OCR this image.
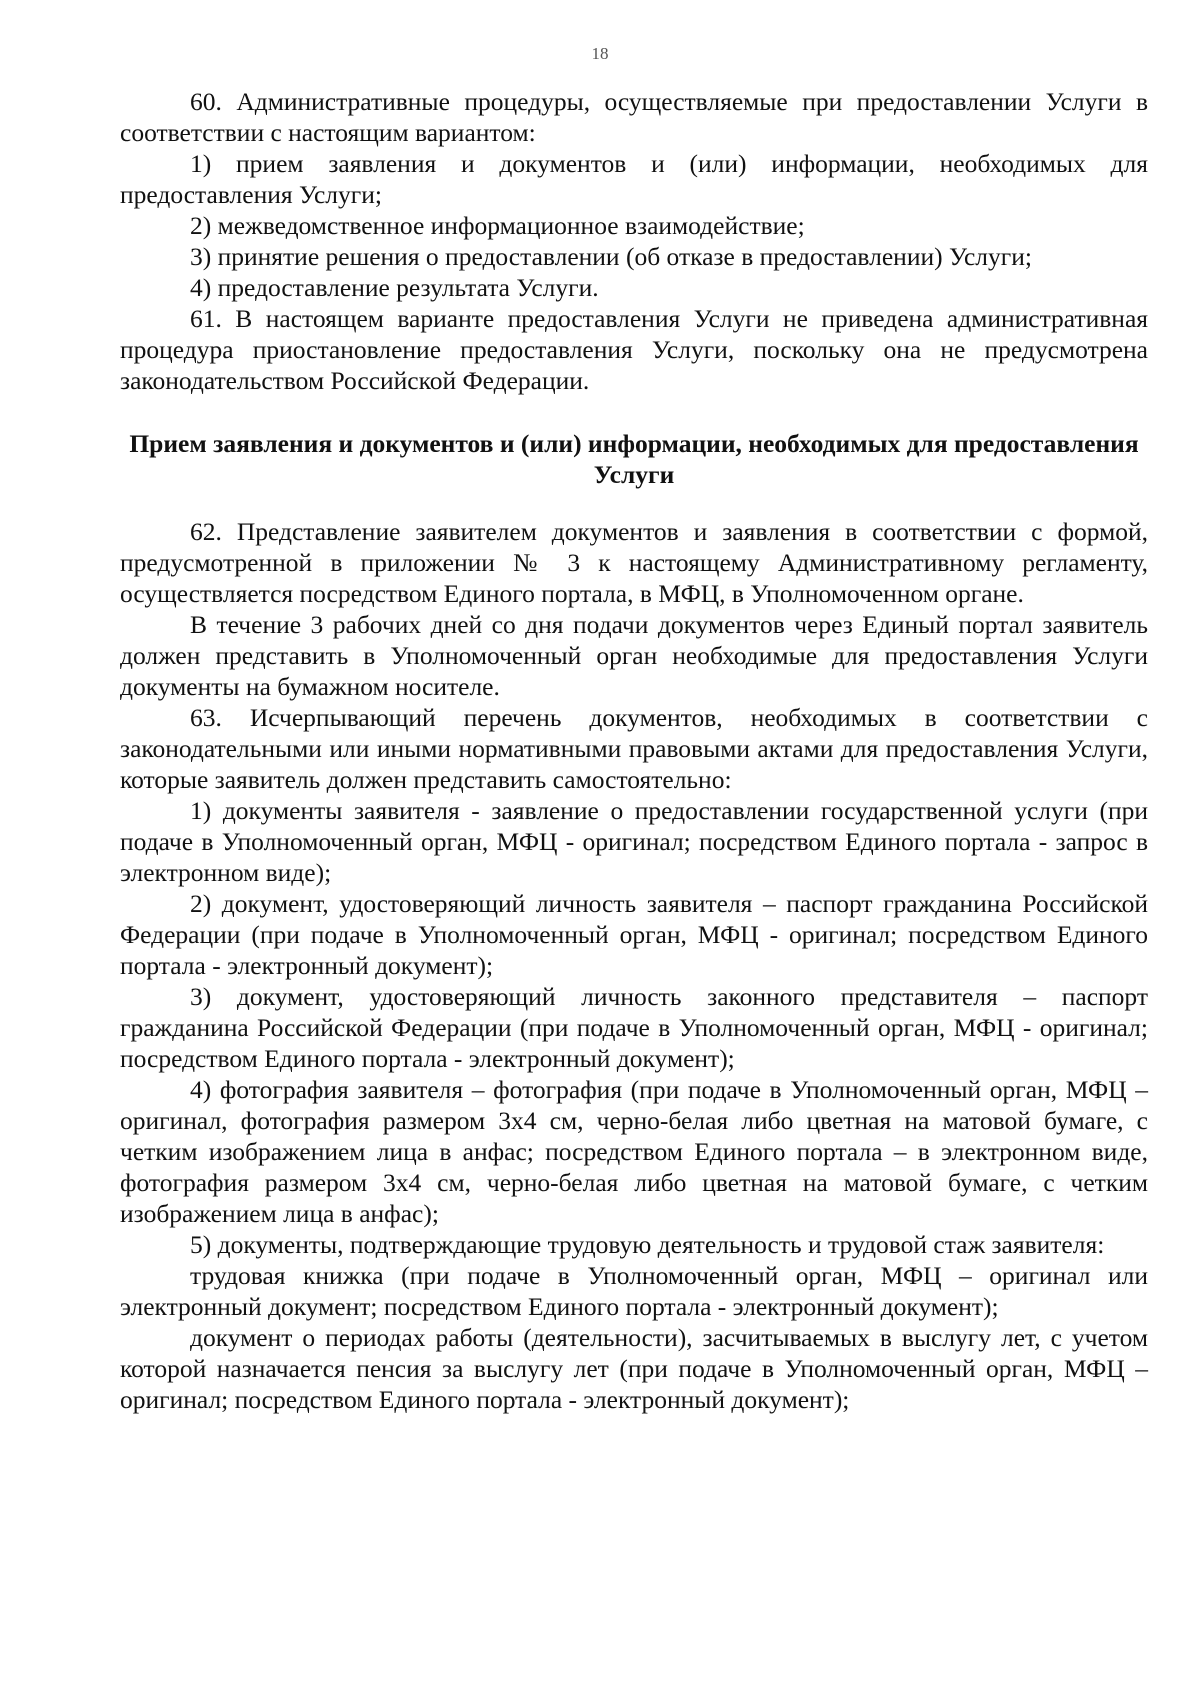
18

60. Административные процедуры, осуществляемые при предоставлении Услуги в соответствии с настоящим вариантом:

1) прием заявления и документов и (или) информации, необходимых для предоставления Услуги;

2) межведомственное информационное взаимодействие;

3) принятие решения о предоставлении (об отказе в предоставлении) Услуги;

4) предоставление результата Услуги.

61. В настоящем варианте предоставления Услуги не приведена административная процедура приостановление предоставления Услуги, поскольку она не предусмотрена законодательством Российской Федерации.

Прием заявления и документов и (или) информации, необходимых для предоставления Услуги

62. Представление заявителем документов и заявления в соответствии с формой, предусмотренной в приложении № 3 к настоящему Административному регламенту, осуществляется посредством Единого портала, в МФЦ, в Уполномоченном органе.

В течение 3 рабочих дней со дня подачи документов через Единый портал заявитель должен представить в Уполномоченный орган необходимые для предоставления Услуги документы на бумажном носителе.

63. Исчерпывающий перечень документов, необходимых в соответствии с законодательными или иными нормативными правовыми актами для предоставления Услуги, которые заявитель должен представить самостоятельно:

1) документы заявителя - заявление о предоставлении государственной услуги (при подаче в Уполномоченный орган, МФЦ - оригинал; посредством Единого портала - запрос в электронном виде);

2) документ, удостоверяющий личность заявителя – паспорт гражданина Российской Федерации (при подаче в Уполномоченный орган, МФЦ - оригинал; посредством Единого портала - электронный документ);

3) документ, удостоверяющий личность законного представителя – паспорт гражданина Российской Федерации (при подаче в Уполномоченный орган, МФЦ - оригинал; посредством Единого портала - электронный документ);

4) фотография заявителя – фотография (при подаче в Уполномоченный орган, МФЦ – оригинал, фотография размером 3х4 см, черно-белая либо цветная на матовой бумаге, с четким изображением лица в анфас; посредством Единого портала – в электронном виде, фотография размером 3х4 см, черно-белая либо цветная на матовой бумаге, с четким изображением лица в анфас);

5) документы, подтверждающие трудовую деятельность и трудовой стаж заявителя:

трудовая книжка (при подаче в Уполномоченный орган, МФЦ – оригинал или электронный документ; посредством Единого портала - электронный документ);

документ о периодах работы (деятельности), засчитываемых в выслугу лет, с учетом которой назначается пенсия за выслугу лет (при подаче в Уполномоченный орган, МФЦ – оригинал; посредством Единого портала - электронный документ);
